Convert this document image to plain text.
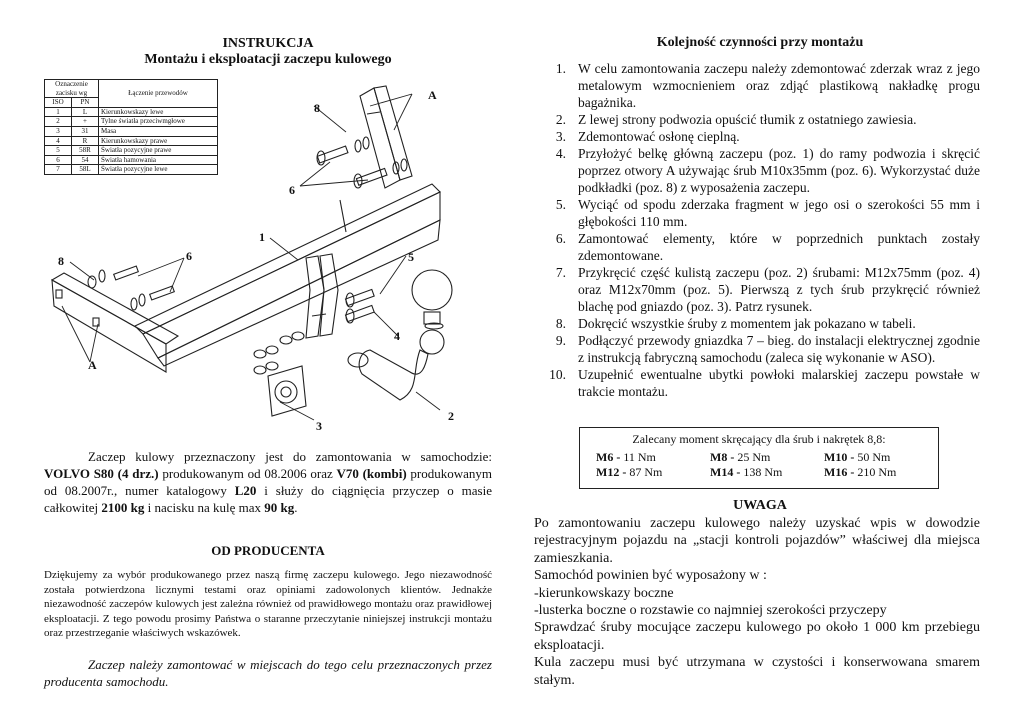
INSTRUKCJA
Montażu i eksploatacji zaczepu kulowego
A
8
6
1
8	6	5
4
2
3
A
Oznaczenie zacisku wg		Łączenie przewodów
ISO	PN	
1	L	Kierunkowskazy lewe
2	+	Tylne światła przeciwmgłowe
3	31	Masa
4	R	Kierunkowskazy prawe
5	58R	Światła pozycyjne prawe
6	54	Światła hamowania
7	58L	Światła pozycyjne lewe

Zaczep kulowy przeznaczony jest do zamontowania w samochodzie: VOLVO S80 (4 drz.) produkowanym od 08.2006 oraz V70 (kombi) produkowanym od 08.2007r., numer katalogowy L20 i służy do ciągnięcia przyczep o masie całkowitej 2100 kg i nacisku na kulę max 90 kg.

OD PRODUCENTA

Dziękujemy za wybór produkowanego przez naszą firmę zaczepu kulowego. Jego niezawodność została potwierdzona licznymi testami oraz opiniami zadowolonych klientów. Jednakże niezawodność zaczepów kulowych jest zależna również od prawidłowego montażu oraz prawidłowej eksploatacji. Z tego powodu prosimy Państwa o staranne przeczytanie niniejszej instrukcji montażu oraz przestrzeganie właściwych wskazówek.

Zaczep należy zamontować w miejscach do tego celu przeznaczonych przez producenta samochodu.

Kolejność czynności przy montażu
1. W celu zamontowania zaczepu należy zdemontować zderzak wraz z jego metalowym wzmocnieniem oraz zdjąć plastikową nakładkę progu bagażnika.
2. Z lewej strony podwozia opuścić tłumik z ostatniego zawiesia.
3. Zdemontować osłonę cieplną.
4. Przyłożyć belkę główną zaczepu (poz. 1) do ramy podwozia i skręcić poprzez otwory A używając śrub M10x35mm (poz. 6). Wykorzystać duże podkładki (poz. 8) z wyposażenia zaczepu.
5. Wyciąć od spodu zderzaka fragment w jego osi o szerokości 55 mm i głębokości 110 mm.
6. Zamontować elementy, które w poprzednich punktach zostały zdemontowane.
7. Przykręcić część kulistą zaczepu (poz. 2) śrubami: M12x75mm (poz. 4) oraz M12x70mm (poz. 5). Pierwszą z tych śrub przykręcić również blachę pod gniazdo (poz. 3). Patrz rysunek.
8. Dokręcić wszystkie śruby z momentem jak pokazano w tabeli.
9. Podłączyć przewody gniazdka 7 – bieg. do instalacji elektrycznej zgodnie z instrukcją fabryczną samochodu (zaleca się wykonanie w ASO).
10. Uzupełnić ewentualne ubytki powłoki malarskiej zaczepu powstałe w trakcie montażu.
Zalecany moment skręcający dla śrub i nakrętek 8,8:
M6 - 11 Nm	M8 - 25 Nm	M10 - 50 Nm
M12 - 87 Nm	M14 - 138 Nm	M16 - 210 Nm
UWAGA

Po zamontowaniu zaczepu kulowego należy uzyskać wpis w dowodzie rejestracyjnym pojazdu na „stacji kontroli pojazdów” właściwej dla miejsca zamieszkania.

Samochód powinien być wyposażony w :

-kierunkowskazy boczne

-lusterka boczne o rozstawie co najmniej szerokości przyczepy

Sprawdzać śruby mocujące zaczepu kulowego po około 1 000 km przebiegu eksploatacji.

Kula zaczepu musi być utrzymana w czystości i konserwowana smarem stałym.
